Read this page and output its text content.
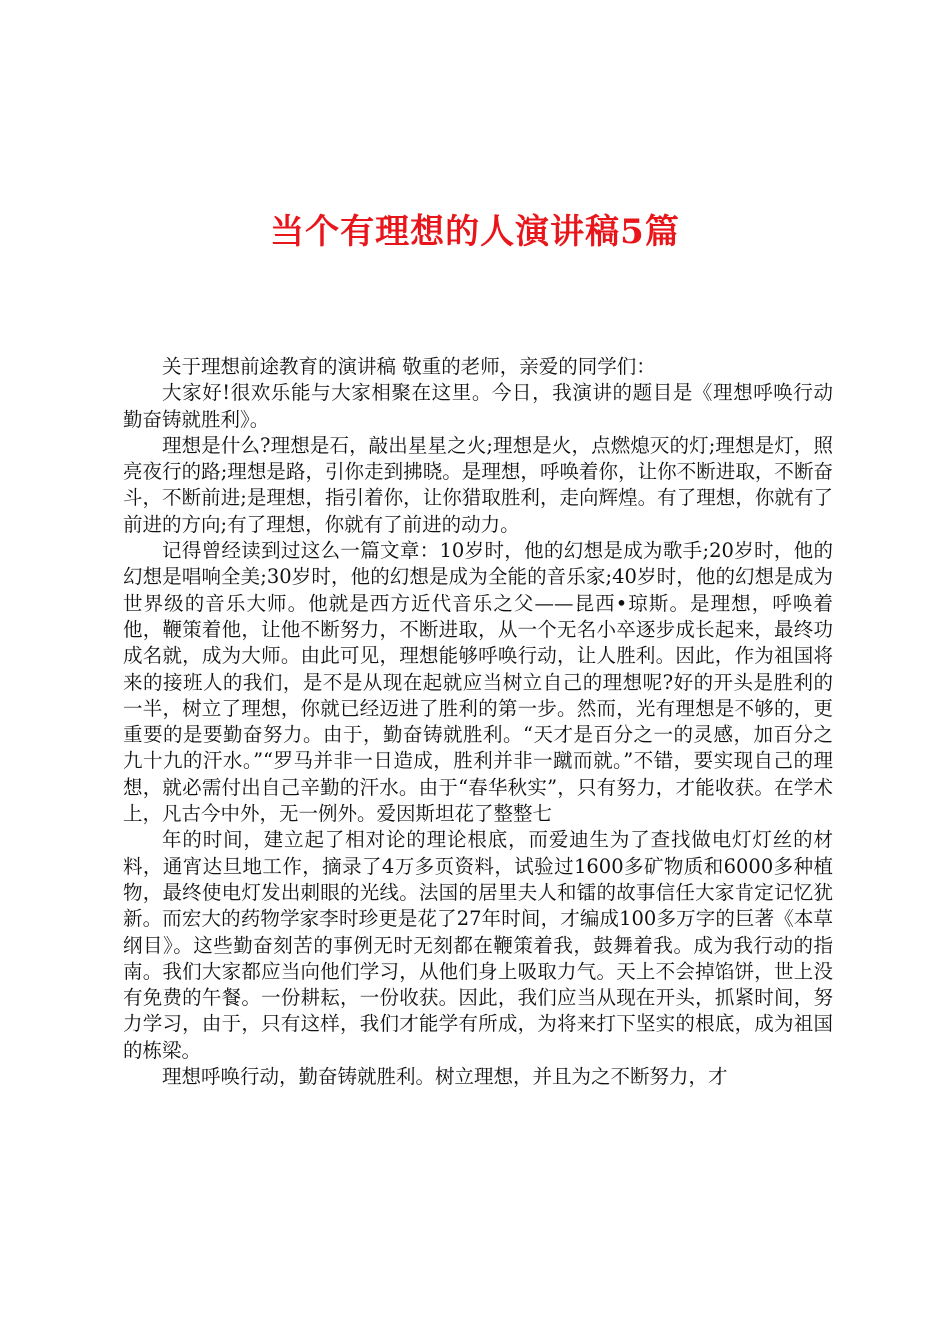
当个有理想的人演讲稿5篇

关于理想前途教育的演讲稿 敬重的老师，亲爱的同学们：

大家好!很欢乐能与大家相聚在这里。今日，我演讲的题目是《理想呼唤行动 勤奋铸就胜利》。

理想是什么?理想是石，敲出星星之火;理想是火，点燃熄灭的灯;理想是灯，照亮夜行的路;理想是路，引你走到拂晓。是理想，呼唤着你，让你不断进取，不断奋斗，不断前进;是理想，指引着你，让你猎取胜利，走向辉煌。有了理想，你就有了前进的方向;有了理想，你就有了前进的动力。

记得曾经读到过这么一篇文章：10岁时，他的幻想是成为歌手;20岁时，他的幻想是唱响全美;30岁时，他的幻想是成为全能的音乐家;40岁时，他的幻想是成为世界级的音乐大师。他就是西方近代音乐之父——昆西•琼斯。是理想，呼唤着他，鞭策着他，让他不断努力，不断进取，从一个无名小卒逐步成长起来，最终功成名就，成为大师。由此可见，理想能够呼唤行动，让人胜利。因此，作为祖国将来的接班人的我们，是不是从现在起就应当树立自己的理想呢?好的开头是胜利的一半，树立了理想，你就已经迈进了胜利的第一步。然而，光有理想是不够的，更重要的是要勤奋努力。由于，勤奋铸就胜利。“天才是百分之一的灵感，加百分之九十九的汗水。”“罗马并非一日造成，胜利并非一蹴而就。”不错，要实现自己的理想，就必需付出自己辛勤的汗水。由于“春华秋实”，只有努力，才能收获。在学术上，凡古今中外，无一例外。爱因斯坦花了整整七

年的时间，建立起了相对论的理论根底，而爱迪生为了查找做电灯灯丝的材料，通宵达旦地工作，摘录了4万多页资料，试验过1600多矿物质和6000多种植物，最终使电灯发出刺眼的光线。法国的居里夫人和镭的故事信任大家肯定记忆犹新。而宏大的药物学家李时珍更是花了27年时间，才编成100多万字的巨著《本草纲目》。这些勤奋刻苦的事例无时无刻都在鞭策着我，鼓舞着我。成为我行动的指南。我们大家都应当向他们学习，从他们身上吸取力气。天上不会掉馅饼，世上没有免费的午餐。一份耕耘，一份收获。因此，我们应当从现在开头，抓紧时间，努力学习，由于，只有这样，我们才能学有所成，为将来打下坚实的根底，成为祖国的栋梁。

理想呼唤行动，勤奋铸就胜利。树立理想，并且为之不断努力，才
